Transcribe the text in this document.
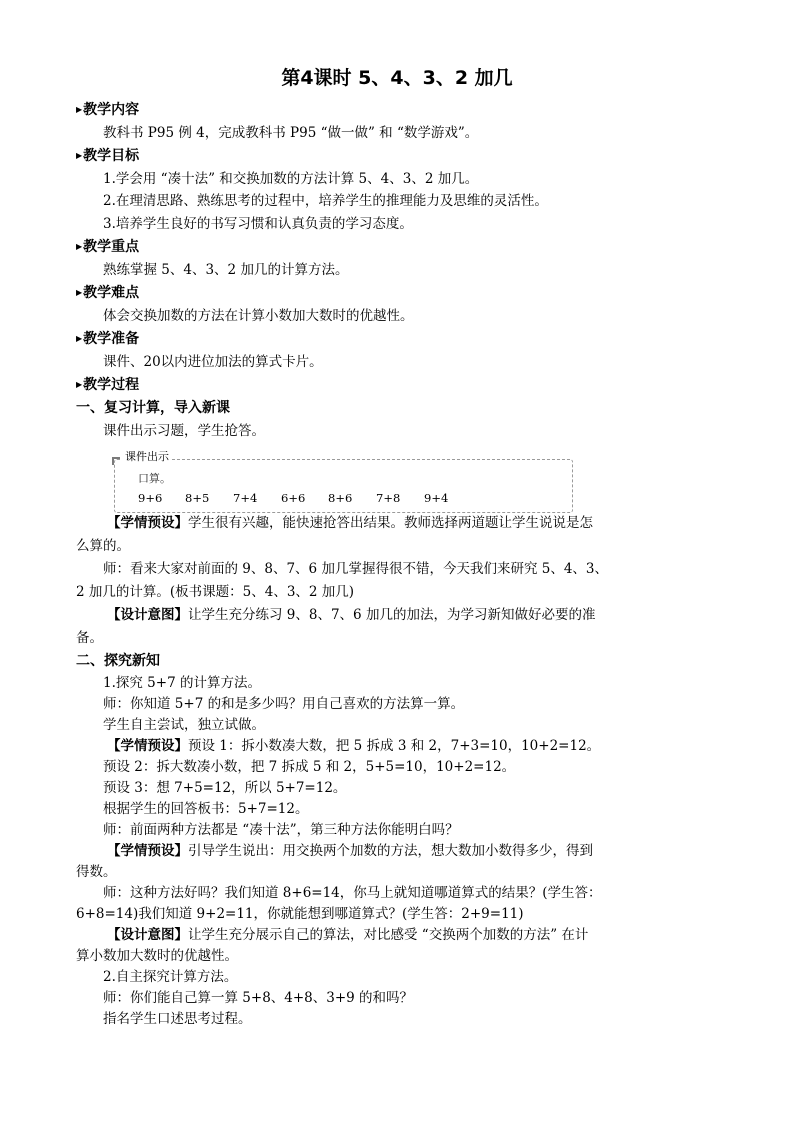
第4课时 5、4、3、2 加几
▶教学内容
教科书 P95 例 4，完成教科书 P95 “做一做” 和 “数学游戏”。
▶教学目标
1.学会用 “凑十法” 和交换加数的方法计算 5、4、3、2 加几。
2.在理清思路、熟练思考的过程中，培养学生的推理能力及思维的灵活性。
3.培养学生良好的书写习惯和认真负责的学习态度。
▶教学重点
熟练掌握 5、4、3、2 加几的计算方法。
▶教学难点
体会交换加数的方法在计算小数加大数时的优越性。
▶教学准备
课件、20以内进位加法的算式卡片。
▶教学过程
一、复习计算，导入新课
课件出示习题，学生抢答。
课件出示
口算。
9+6 8+5 7+4 6+6 8+6 7+8 9+4
【学情预设】学生很有兴趣，能快速抢答出结果。教师选择两道题让学生说说是怎
么算的。
师：看来大家对前面的 9、8、7、6 加几掌握得很不错，今天我们来研究 5、4、3、
2 加几的计算。(板书课题：5、4、3、2 加几)
【设计意图】让学生充分练习 9、8、7、6 加几的加法，为学习新知做好必要的准
备。
二、探究新知
1.探究 5+7 的计算方法。
师：你知道 5+7 的和是多少吗？用自己喜欢的方法算一算。
学生自主尝试，独立试做。
【学情预设】预设 1：拆小数凑大数，把 5 拆成 3 和 2，7+3=10，10+2=12。
预设 2：拆大数凑小数，把 7 拆成 5 和 2，5+5=10，10+2=12。
预设 3：想 7+5=12，所以 5+7=12。
根据学生的回答板书：5+7=12。
师：前面两种方法都是 “凑十法”，第三种方法你能明白吗？
【学情预设】引导学生说出：用交换两个加数的方法，想大数加小数得多少，得到
得数。
师：这种方法好吗？我们知道 8+6=14，你马上就知道哪道算式的结果？(学生答：
6+8=14)我们知道 9+2=11，你就能想到哪道算式？(学生答：2+9=11)
【设计意图】让学生充分展示自己的算法，对比感受 “交换两个加数的方法” 在计
算小数加大数时的优越性。
2.自主探究计算方法。
师：你们能自己算一算 5+8、4+8、3+9 的和吗？
指名学生口述思考过程。
